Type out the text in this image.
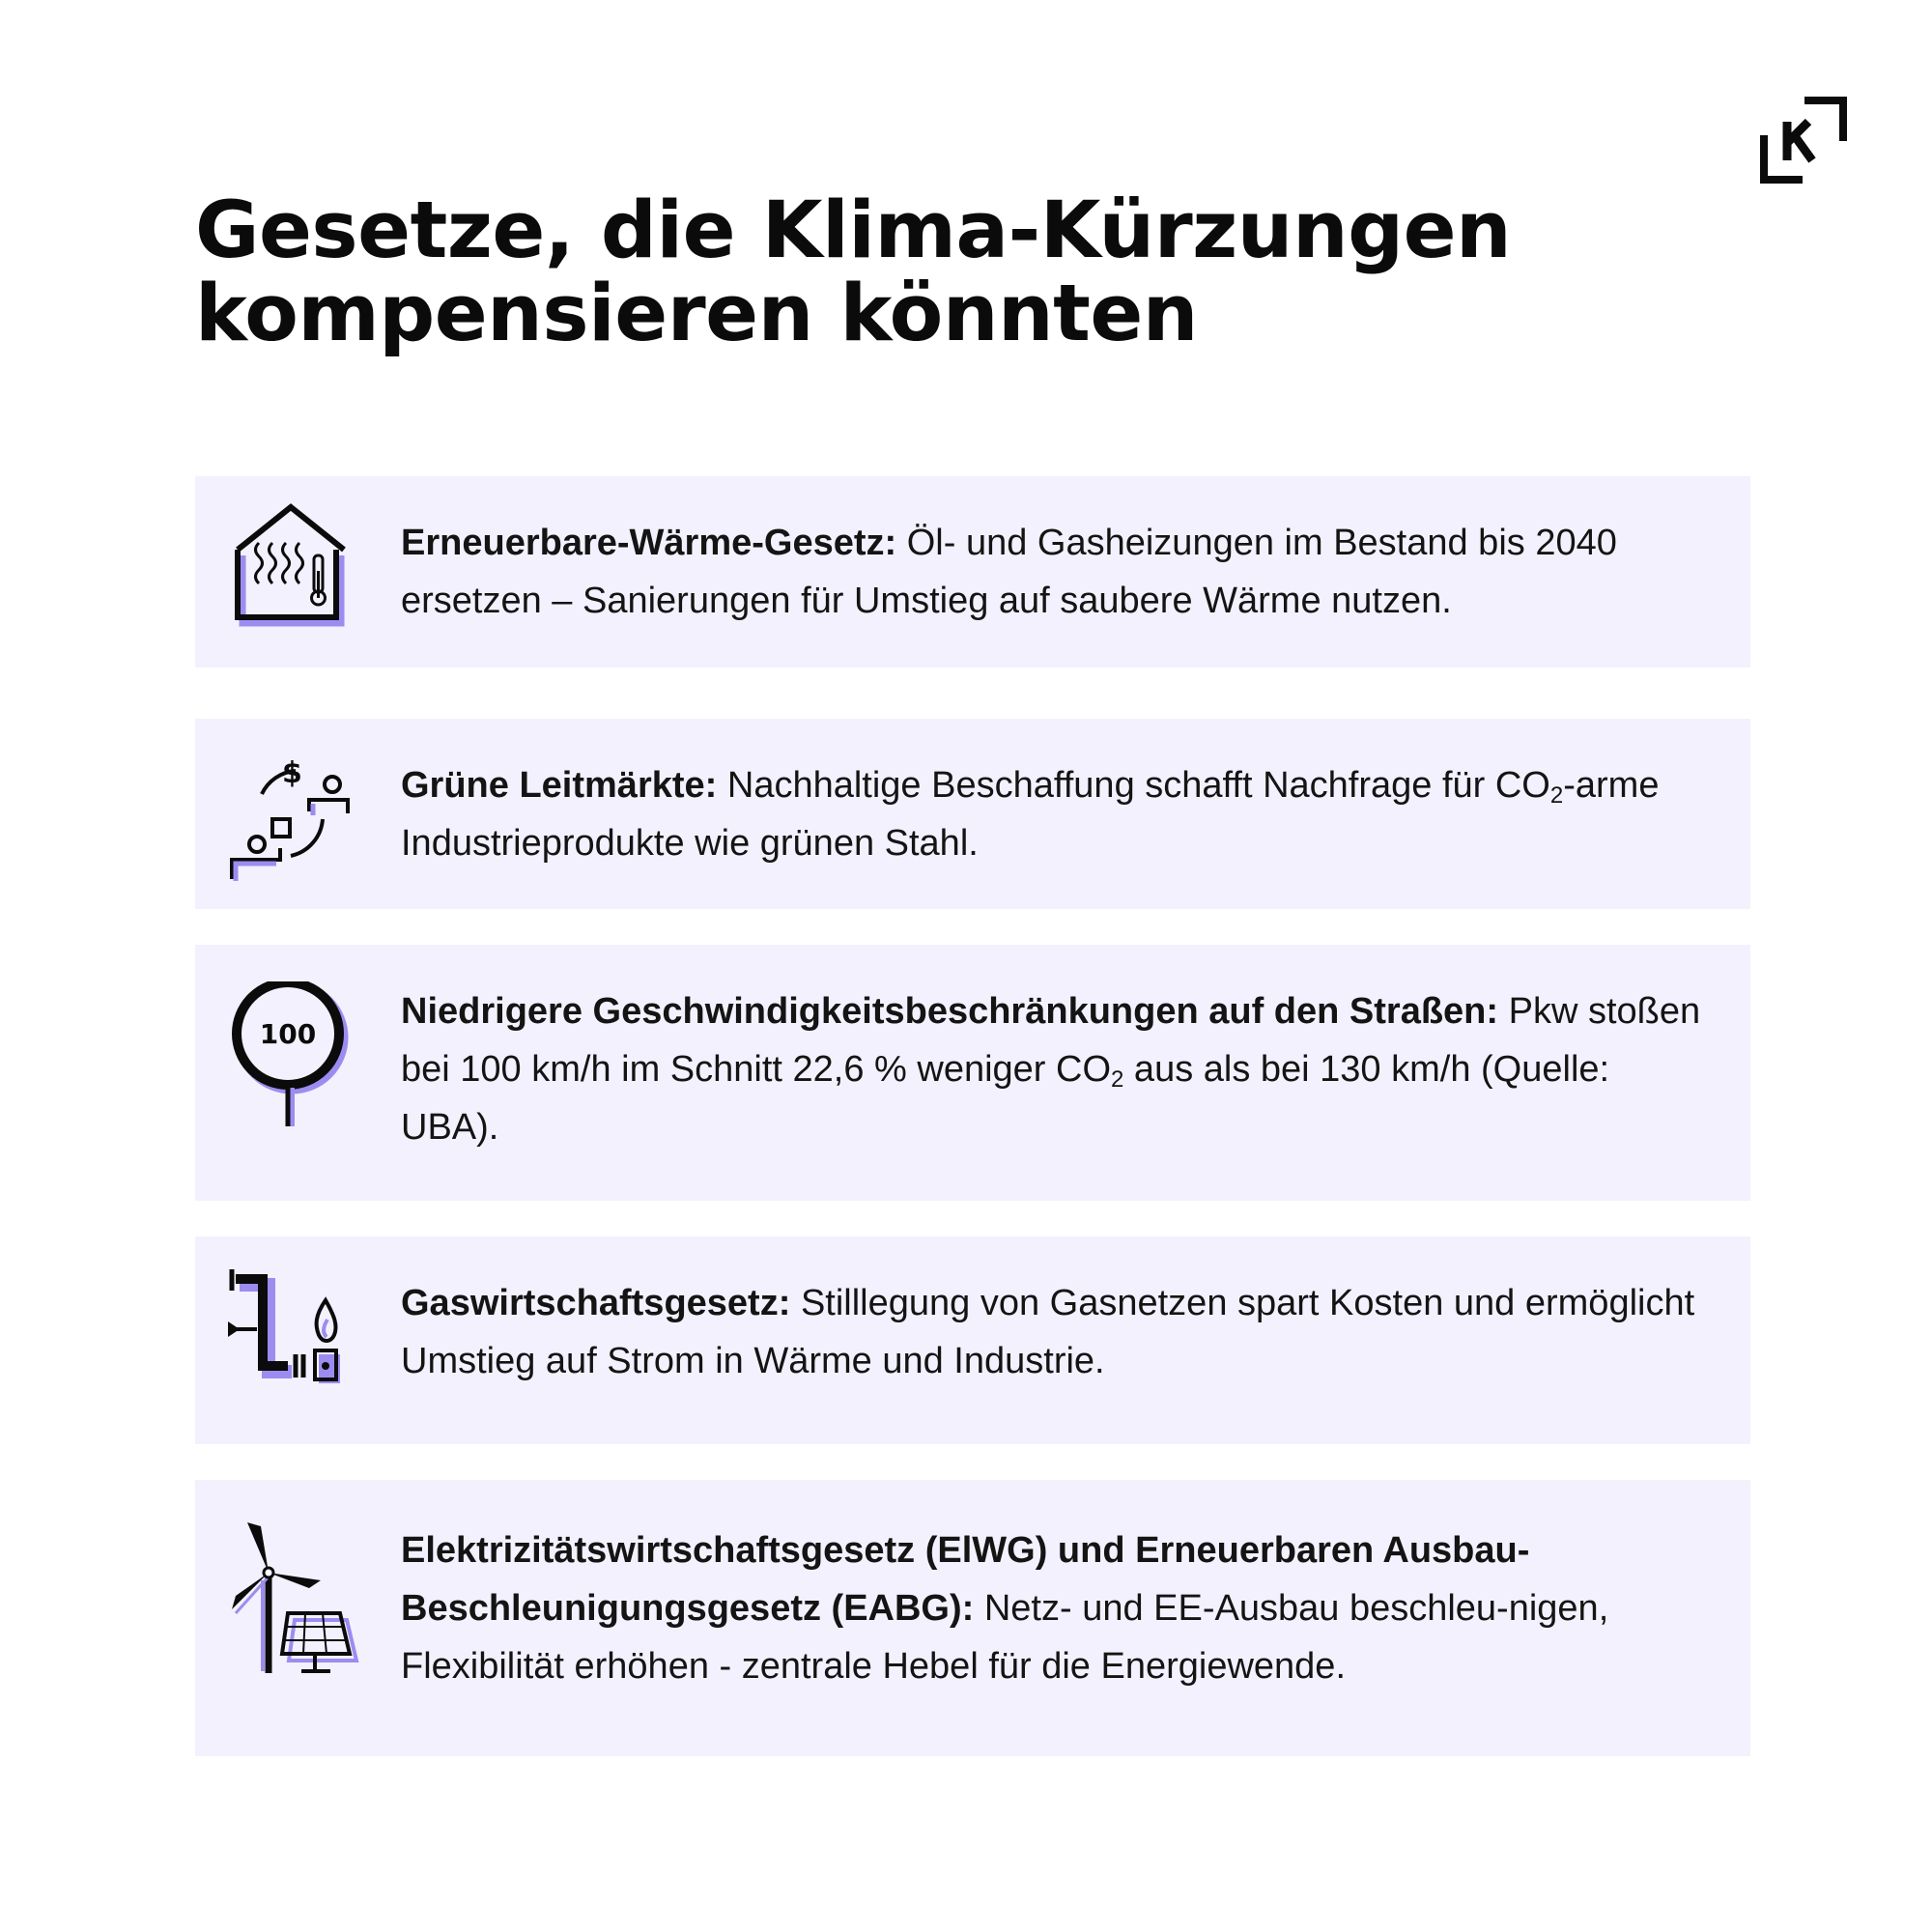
Gesetze, die Klima-Kürzungen
kompensieren könnten
Erneuerbare-Wärme-Gesetz: Öl- und Gasheizungen im Bestand bis 2040 ersetzen – Sanierungen für Umstieg auf saubere Wärme nutzen.
$	Grüne Leitmärkte: Nachhaltige Beschaffung schafft Nachfrage für $CO_2$-arme Industrieprodukte wie grünen Stahl.
100
Niedrigere Geschwindigkeitsbeschränkungen auf den Straßen: Pkw stoßen bei 100 km/h im Schnitt 22,6 % weniger $CO_2$ aus als bei 130 km/h (Quelle: UBA).
Gaswirtschaftsgesetz: Stilllegung von Gasnetzen spart Kosten und ermöglicht Umstieg auf Strom in Wärme und Industrie.
Elektrizitätswirtschaftsgesetz (ElWG) und Erneuerbaren Ausbau-Beschleunigungsgesetz (EABG): Netz- und EE-Ausbau beschleu-nigen, Flexibilität erhöhen - zentrale Hebel für die Energiewende.
